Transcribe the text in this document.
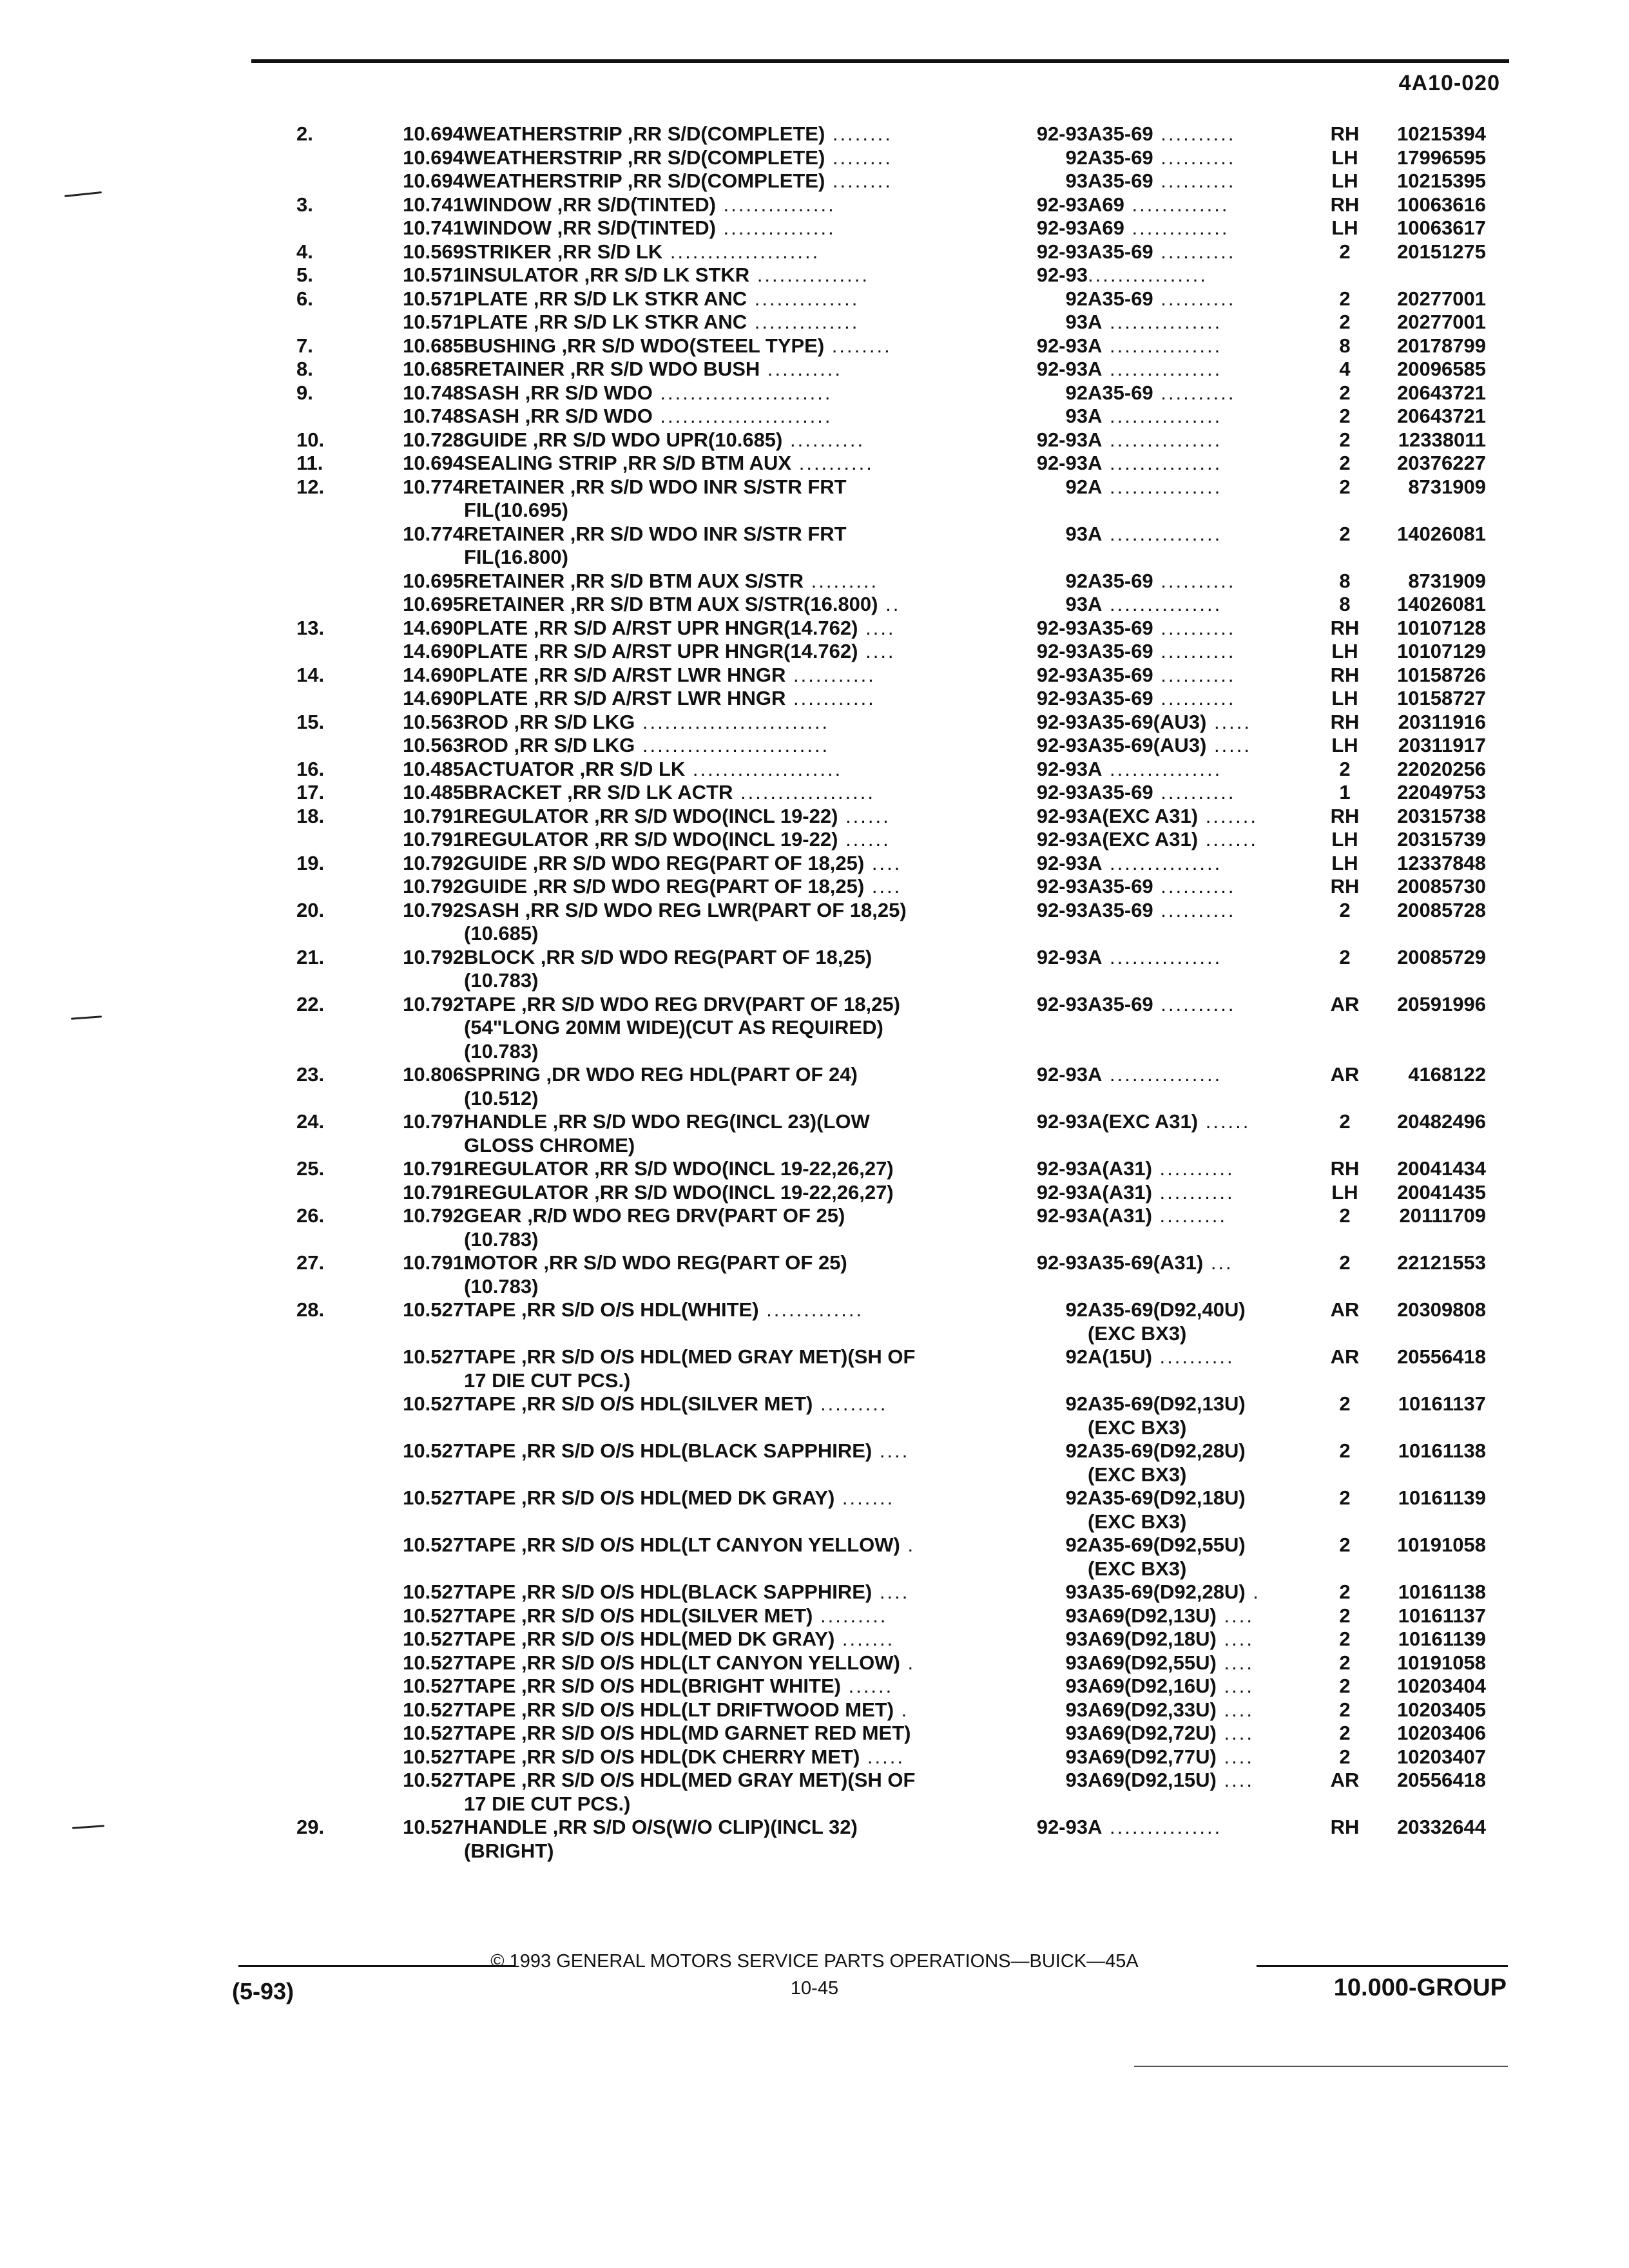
4A10-020
2.	10.694	WEATHERSTRIP ,RR S/D(COMPLETE) ........	92-93	A35-69 ..........	RH	10215394
	10.694	WEATHERSTRIP ,RR S/D(COMPLETE) ........	92	A35-69 ..........	LH	17996595
	10.694	WEATHERSTRIP ,RR S/D(COMPLETE) ........	93	A35-69 ..........	LH	10215395
3.	10.741	WINDOW ,RR S/D(TINTED) ...............	92-93	A69 .............	RH	10063616
	10.741	WINDOW ,RR S/D(TINTED) ...............	92-93	A69 .............	LH	10063617
4.	10.569	STRIKER ,RR S/D LK ....................	92-93	A35-69 ..........	2	20151275
5.	10.571	INSULATOR ,RR S/D LK STKR ...............	92-93	................		
6.	10.571	PLATE ,RR S/D LK STKR ANC ..............	92	A35-69 ..........	2	20277001
	10.571	PLATE ,RR S/D LK STKR ANC ..............	93	A ...............	2	20277001
7.	10.685	BUSHING ,RR S/D WDO(STEEL TYPE) ........	92-93	A ...............	8	20178799
8.	10.685	RETAINER ,RR S/D WDO BUSH ..........	92-93	A ...............	4	20096585
9.	10.748	SASH ,RR S/D WDO .......................	92	A35-69 ..........	2	20643721
	10.748	SASH ,RR S/D WDO .......................	93	A ...............	2	20643721
10.	10.728	GUIDE ,RR S/D WDO UPR(10.685) ..........	92-93	A ...............	2	12338011
11.	10.694	SEALING STRIP ,RR S/D BTM AUX ..........	92-93	A ...............	2	20376227
12.	10.774	RETAINER ,RR S/D WDO INR S/STR FRT	92	A ...............	2	8731909
		FIL(10.695)				
	10.774	RETAINER ,RR S/D WDO INR S/STR FRT	93	A ...............	2	14026081
		FIL(16.800)				
	10.695	RETAINER ,RR S/D BTM AUX S/STR .........	92	A35-69 ..........	8	8731909
	10.695	RETAINER ,RR S/D BTM AUX S/STR(16.800) ..	93	A ...............	8	14026081
13.	14.690	PLATE ,RR S/D A/RST UPR HNGR(14.762) ....	92-93	A35-69 ..........	RH	10107128
	14.690	PLATE ,RR S/D A/RST UPR HNGR(14.762) ....	92-93	A35-69 ..........	LH	10107129
14.	14.690	PLATE ,RR S/D A/RST LWR HNGR ...........	92-93	A35-69 ..........	RH	10158726
	14.690	PLATE ,RR S/D A/RST LWR HNGR ...........	92-93	A35-69 ..........	LH	10158727
15.	10.563	ROD ,RR S/D LKG .........................	92-93	A35-69(AU3) .....	RH	20311916
	10.563	ROD ,RR S/D LKG .........................	92-93	A35-69(AU3) .....	LH	20311917
16.	10.485	ACTUATOR ,RR S/D LK ....................	92-93	A ...............	2	22020256
17.	10.485	BRACKET ,RR S/D LK ACTR ..................	92-93	A35-69 ..........	1	22049753
18.	10.791	REGULATOR ,RR S/D WDO(INCL 19-22) ......	92-93	A(EXC A31) .......	RH	20315738
	10.791	REGULATOR ,RR S/D WDO(INCL 19-22) ......	92-93	A(EXC A31) .......	LH	20315739
19.	10.792	GUIDE ,RR S/D WDO REG(PART OF 18,25) ....	92-93	A ...............	LH	12337848
	10.792	GUIDE ,RR S/D WDO REG(PART OF 18,25) ....	92-93	A35-69 ..........	RH	20085730
20.	10.792	SASH ,RR S/D WDO REG LWR(PART OF 18,25)	92-93	A35-69 ..........	2	20085728
		(10.685)				
21.	10.792	BLOCK ,RR S/D WDO REG(PART OF 18,25)	92-93	A ...............	2	20085729
		(10.783)				
22.	10.792	TAPE ,RR S/D WDO REG DRV(PART OF 18,25)	92-93	A35-69 ..........	AR	20591996
		(54"LONG 20MM WIDE)(CUT AS REQUIRED)				
		(10.783)				
23.	10.806	SPRING ,DR WDO REG HDL(PART OF 24)	92-93	A ...............	AR	4168122
		(10.512)				
24.	10.797	HANDLE ,RR S/D WDO REG(INCL 23)(LOW	92-93	A(EXC A31) ......	2	20482496
		GLOSS CHROME)				
25.	10.791	REGULATOR ,RR S/D WDO(INCL 19-22,26,27)	92-93	A(A31) ..........	RH	20041434
	10.791	REGULATOR ,RR S/D WDO(INCL 19-22,26,27)	92-93	A(A31) ..........	LH	20041435
26.	10.792	GEAR ,R/D WDO REG DRV(PART OF 25)	92-93	A(A31) .........	2	20111709
		(10.783)				
27.	10.791	MOTOR ,RR S/D WDO REG(PART OF 25)	92-93	A35-69(A31) ...	2	22121553
		(10.783)				
28.	10.527	TAPE ,RR S/D O/S HDL(WHITE) .............	92	A35-69(D92,40U)	AR	20309808
				(EXC BX3)		
	10.527	TAPE ,RR S/D O/S HDL(MED GRAY MET)(SH OF	92	A(15U) ..........	AR	20556418
		17 DIE CUT PCS.)				
	10.527	TAPE ,RR S/D O/S HDL(SILVER MET) .........	92	A35-69(D92,13U)	2	10161137
				(EXC BX3)		
	10.527	TAPE ,RR S/D O/S HDL(BLACK SAPPHIRE) ....	92	A35-69(D92,28U)	2	10161138
				(EXC BX3)		
	10.527	TAPE ,RR S/D O/S HDL(MED DK GRAY) .......	92	A35-69(D92,18U)	2	10161139
				(EXC BX3)		
	10.527	TAPE ,RR S/D O/S HDL(LT CANYON YELLOW) .	92	A35-69(D92,55U)	2	10191058
				(EXC BX3)		
	10.527	TAPE ,RR S/D O/S HDL(BLACK SAPPHIRE) ....	93	A35-69(D92,28U) .	2	10161138
	10.527	TAPE ,RR S/D O/S HDL(SILVER MET) .........	93	A69(D92,13U) ....	2	10161137
	10.527	TAPE ,RR S/D O/S HDL(MED DK GRAY) .......	93	A69(D92,18U) ....	2	10161139
	10.527	TAPE ,RR S/D O/S HDL(LT CANYON YELLOW) .	93	A69(D92,55U) ....	2	10191058
	10.527	TAPE ,RR S/D O/S HDL(BRIGHT WHITE) ......	93	A69(D92,16U) ....	2	10203404
	10.527	TAPE ,RR S/D O/S HDL(LT DRIFTWOOD MET) .	93	A69(D92,33U) ....	2	10203405
	10.527	TAPE ,RR S/D O/S HDL(MD GARNET RED MET)	93	A69(D92,72U) ....	2	10203406
	10.527	TAPE ,RR S/D O/S HDL(DK CHERRY MET) .....	93	A69(D92,77U) ....	2	10203407
	10.527	TAPE ,RR S/D O/S HDL(MED GRAY MET)(SH OF	93	A69(D92,15U) ....	AR	20556418
		17 DIE CUT PCS.)				
29.	10.527	HANDLE ,RR S/D O/S(W/O CLIP)(INCL 32)	92-93	A ...............	RH	20332644
		(BRIGHT)				
© 1993 GENERAL MOTORS SERVICE PARTS OPERATIONS—BUICK—45A
10-45
(5-93)	10.000-GROUP
